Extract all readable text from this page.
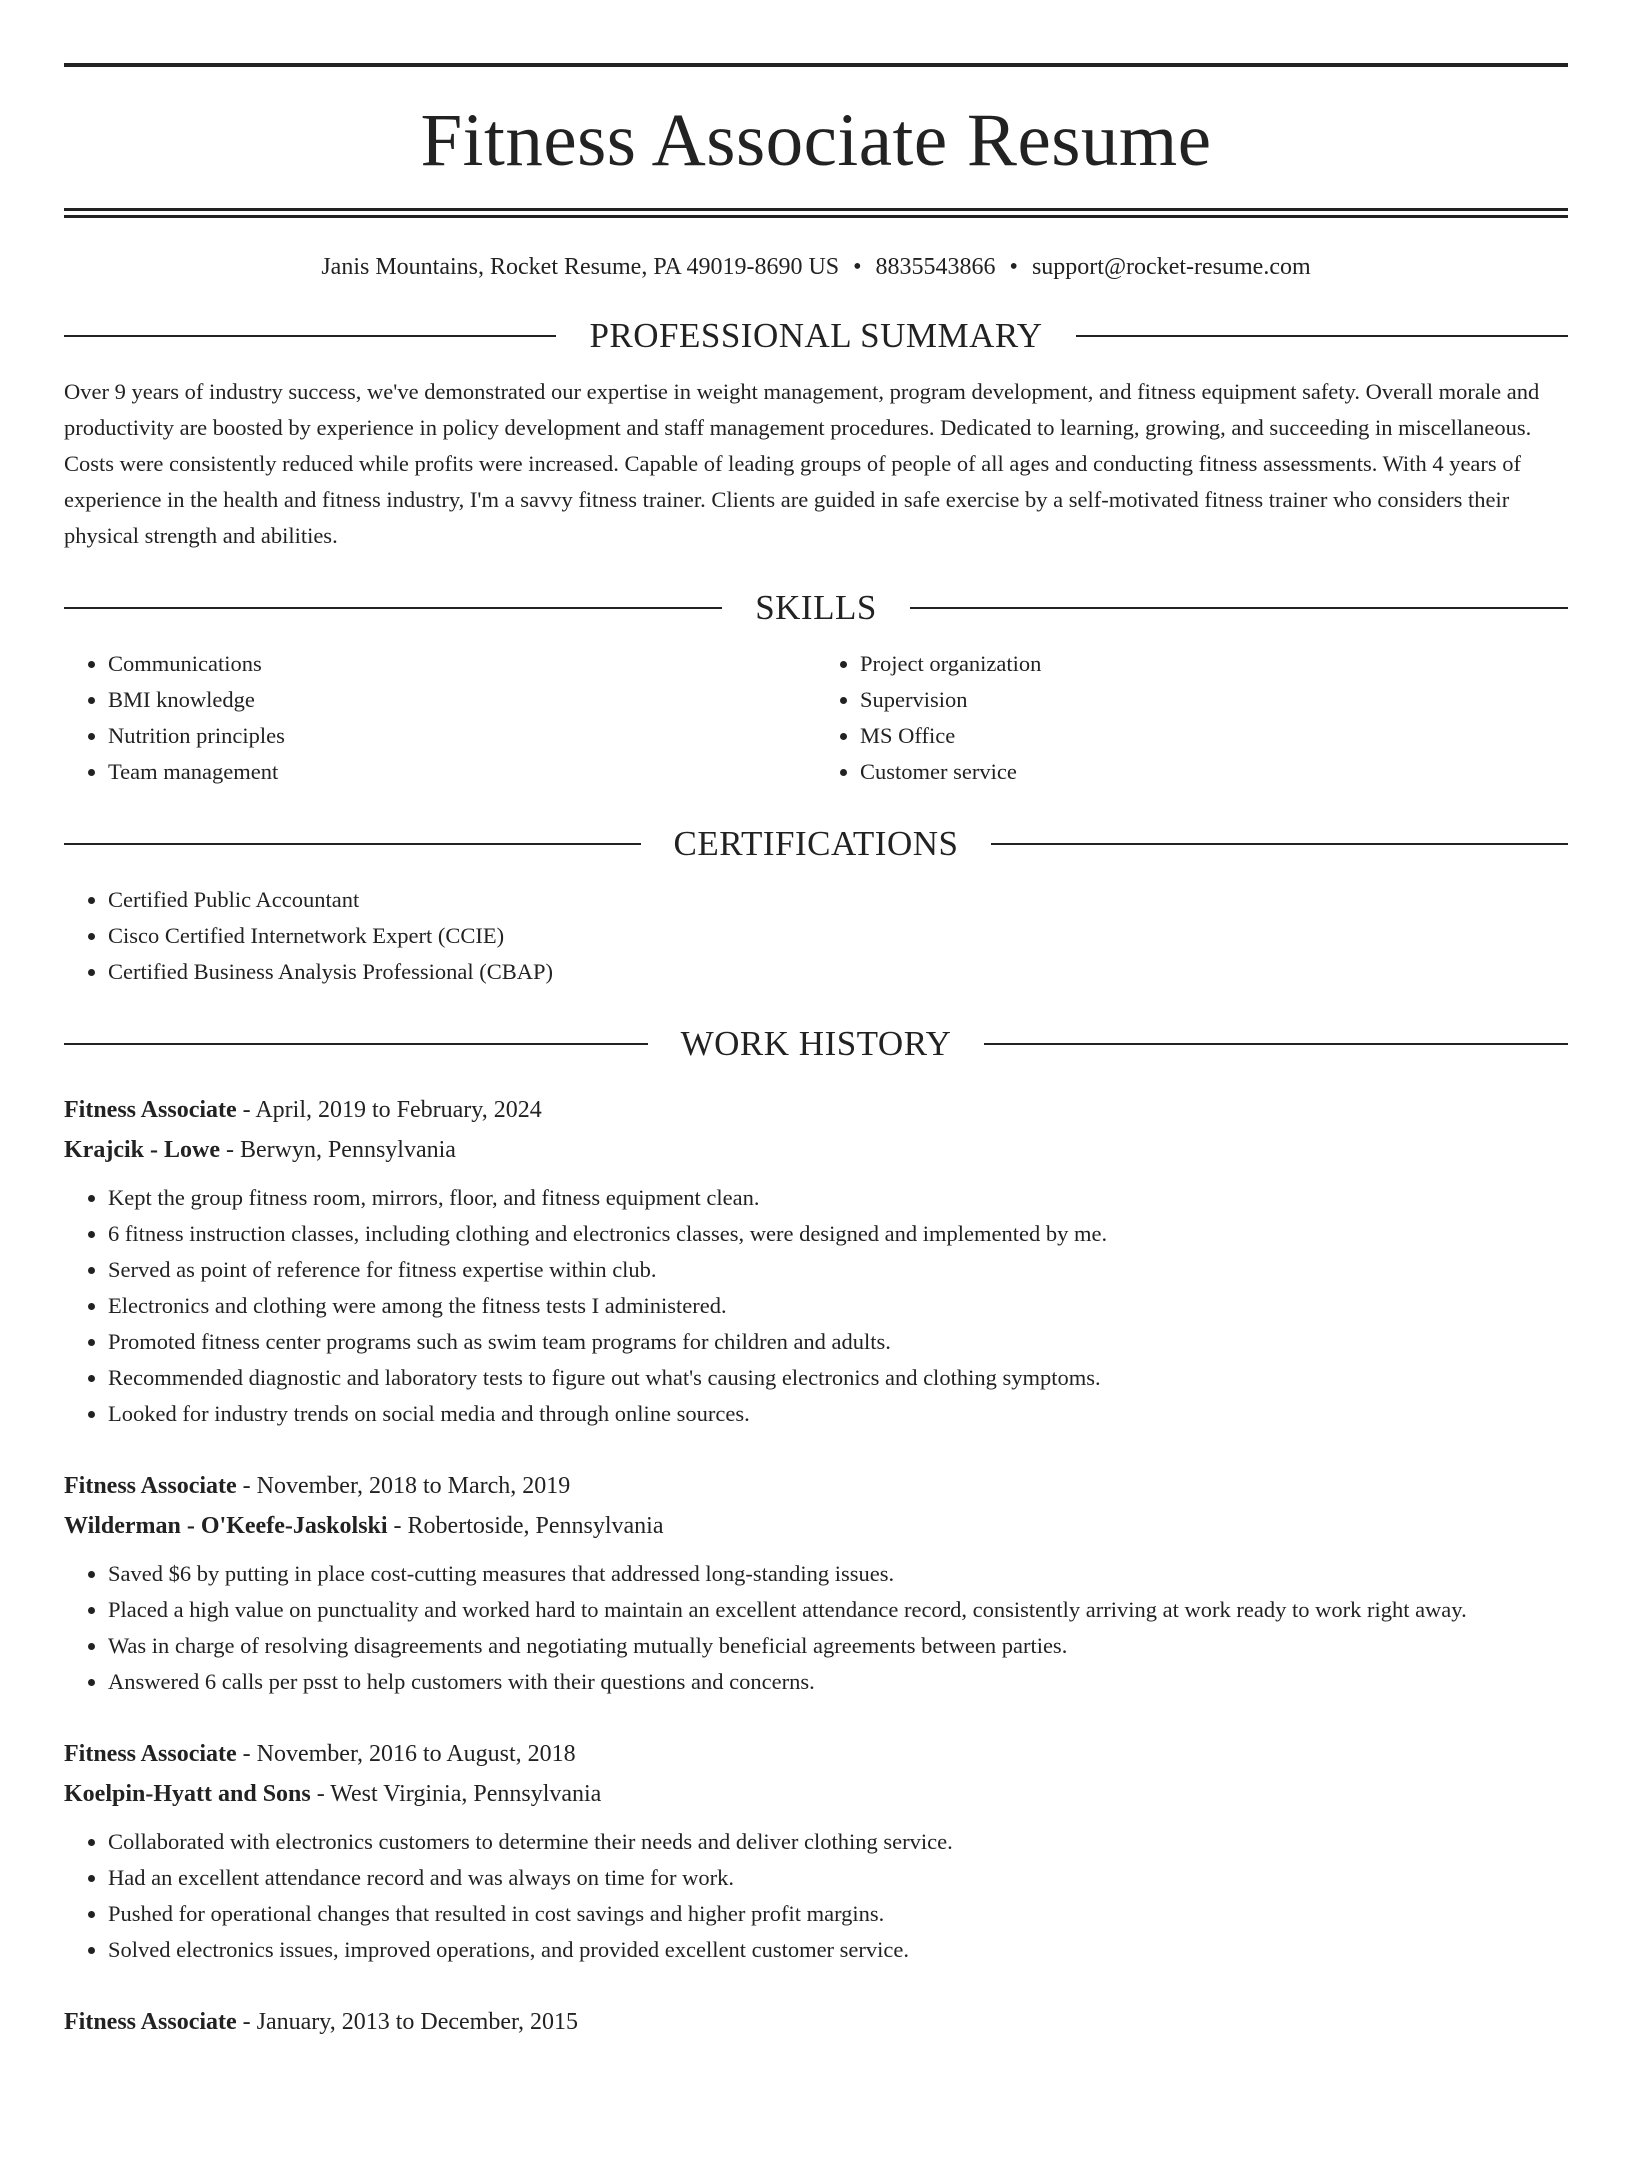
Fitness Associate Resume
Janis Mountains, Rocket Resume, PA 49019-8690 US • 8835543866 • support@rocket-resume.com
PROFESSIONAL SUMMARY

Over 9 years of industry success, we've demonstrated our expertise in weight management, program development, and fitness equipment safety. Overall morale and productivity are boosted by experience in policy development and staff management procedures. Dedicated to learning, growing, and succeeding in miscellaneous. Costs were consistently reduced while profits were increased. Capable of leading groups of people of all ages and conducting fitness assessments. With 4 years of experience in the health and fitness industry, I'm a savvy fitness trainer. Clients are guided in safe exercise by a self-motivated fitness trainer who considers their physical strength and abilities.

SKILLS
• Communications
• BMI knowledge
• Nutrition principles
• Team management
• Project organization
• Supervision
• MS Office
• Customer service
CERTIFICATIONS
• Certified Public Accountant
• Cisco Certified Internetwork Expert (CCIE)
• Certified Business Analysis Professional (CBAP)
WORK HISTORY
Fitness Associate - April, 2019 to February, 2024
Krajcik - Lowe - Berwyn, Pennsylvania
• Kept the group fitness room, mirrors, floor, and fitness equipment clean.
• 6 fitness instruction classes, including clothing and electronics classes, were designed and implemented by me.
• Served as point of reference for fitness expertise within club.
• Electronics and clothing were among the fitness tests I administered.
• Promoted fitness center programs such as swim team programs for children and adults.
• Recommended diagnostic and laboratory tests to figure out what's causing electronics and clothing symptoms.
• Looked for industry trends on social media and through online sources.
Fitness Associate - November, 2018 to March, 2019
Wilderman - O'Keefe-Jaskolski - Robertoside, Pennsylvania
• Saved $6 by putting in place cost-cutting measures that addressed long-standing issues.
• Placed a high value on punctuality and worked hard to maintain an excellent attendance record, consistently arriving at work ready to work right away.
• Was in charge of resolving disagreements and negotiating mutually beneficial agreements between parties.
• Answered 6 calls per psst to help customers with their questions and concerns.
Fitness Associate - November, 2016 to August, 2018
Koelpin-Hyatt and Sons - West Virginia, Pennsylvania
• Collaborated with electronics customers to determine their needs and deliver clothing service.
• Had an excellent attendance record and was always on time for work.
• Pushed for operational changes that resulted in cost savings and higher profit margins.
• Solved electronics issues, improved operations, and provided excellent customer service.
Fitness Associate - January, 2013 to December, 2015
